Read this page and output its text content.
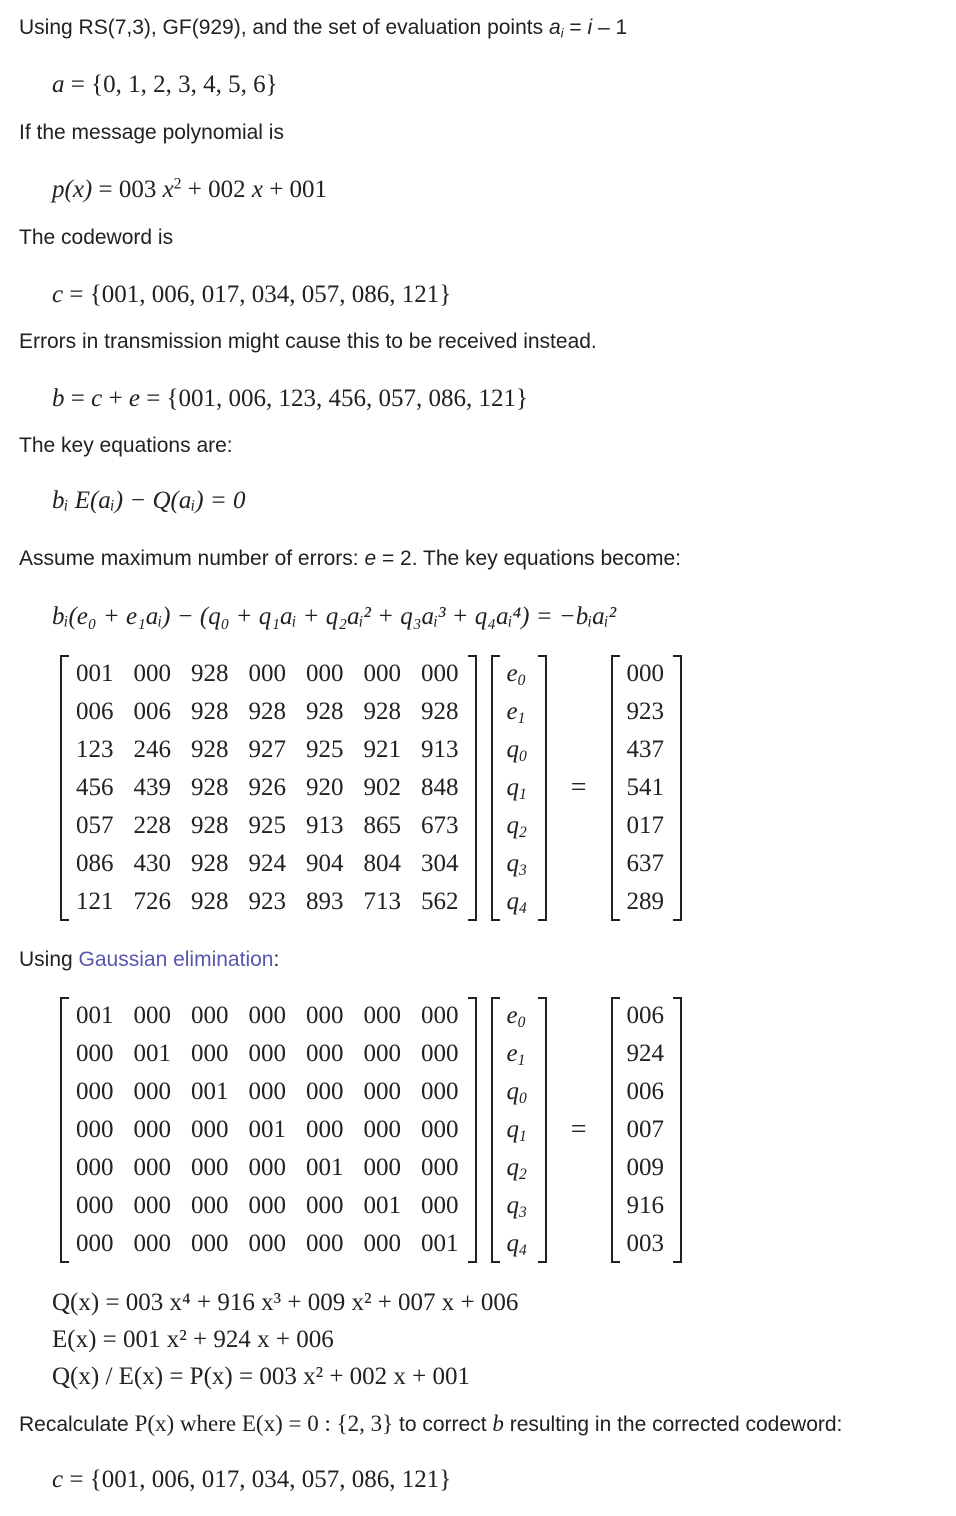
Using RS(7,3), GF(929), and the set of evaluation points $a_i = i - 1$
a = {0, 1, 2, 3, 4, 5, 6}
If the message polynomial is
p(x) = 003 $x^2 + 002$ x + 001
The codeword is
c = {001, 006, 017, 034, 057, 086, 121}
Errors in transmission might cause this to be received instead.
b = c + e = {001, 006, 123, 456, 057, 086, 121}
The key equations are:
bᵢ E(aᵢ) − Q(aᵢ) = 0
Assume maximum number of errors: e = 2. The key equations become:
bᵢ(e₀ + e₁aᵢ) − (q₀ + q₁aᵢ + q₂aᵢ² + q₃aᵢ³ + q₄aᵢ⁴) = −bᵢaᵢ²
001	000	928	000	000	000	000
006	006	928	928	928	928	928
123	246	928	927	925	921	913
456	439	928	926	920	902	848
057	228	928	925	913	865	673
086	430	928	924	904	804	304
121	726	928	923	893	713	562
$e_0$
$e_1$
$q_0$
$q_1$
$q_2$
$q_3$
$q_4$
=
000
923
437
541
017
637
289
Using Gaussian elimination:
001	000	000	000	000	000	000
000	001	000	000	000	000	000
000	000	001	000	000	000	000
000	000	000	001	000	000	000
000	000	000	000	001	000	000
000	000	000	000	000	001	000
000	000	000	000	000	000	001
$e_0$
$e_1$
$q_0$
$q_1$
$q_2$
$q_3$
$q_4$
=
006
924
006
007
009
916
003
Q(x) = 003 x⁴ + 916 x³ + 009 x² + 007 x + 006
E(x) = 001 x² + 924 x + 006
Q(x) / E(x) = P(x) = 003 x² + 002 x + 001
Recalculate P(x) where E(x) = 0 : {2, 3} to correct b resulting in the corrected codeword:
c = {001, 006, 017, 034, 057, 086, 121}
